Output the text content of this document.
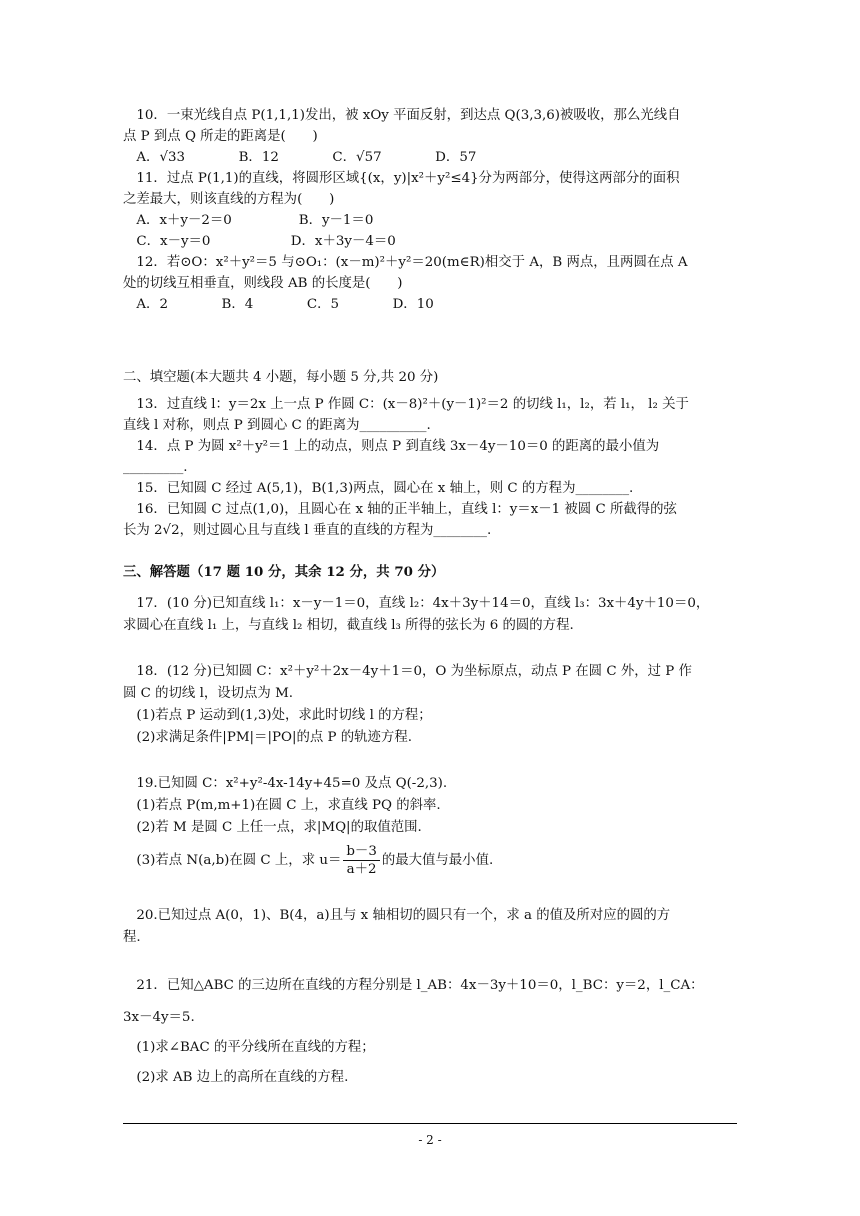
　10．一束光线自点 P(1,1,1)发出，被 xOy 平面反射，到达点 Q(3,3,6)被吸收，那么光线自
点 P 到点 Q 所走的距离是(　　)
　A．√33　　　　B．12　　　　C．√57　　　　D．57
　11．过点 P(1,1)的直线，将圆形区域{(x，y)|x²＋y²≤4}分为两部分，使得这两部分的面积
之差最大，则该直线的方程为(　　)
　A．x＋y－2＝0　　　　　B．y－1＝0
　C．x－y＝0　　　　　　D．x＋3y－4＝0
　12．若⊙O：x²＋y²＝5 与⊙O₁：(x－m)²＋y²＝20(m∈R)相交于 A，B 两点，且两圆在点 A
处的切线互相垂直，则线段 AB 的长度是(　　)
　A．2　　　　B．4　　　　C．5　　　　D．10
二、填空题(本大题共 4 小题，每小题 5 分,共 20 分)
　13．过直线 l：y＝2x 上一点 P 作圆 C：(x－8)²＋(y－1)²＝2 的切线 l₁，l₂，若 l₁， l₂ 关于
直线 l 对称，则点 P 到圆心 C 的距离为__________.
　14．点 P 为圆 x²＋y²＝1 上的动点，则点 P 到直线 3x－4y－10＝0 的距离的最小值为
_________.
　15．已知圆 C 经过 A(5,1)，B(1,3)两点，圆心在 x 轴上，则 C 的方程为________.
　16．已知圆 C 过点(1,0)，且圆心在 x 轴的正半轴上，直线 l：y＝x－1 被圆 C 所截得的弦
长为 2√2，则过圆心且与直线 l 垂直的直线的方程为________.
三、解答题（17 题 10 分，其余 12 分，共 70 分）
　17．(10 分)已知直线 l₁：x－y－1＝0，直线 l₂：4x＋3y＋14＝0，直线 l₃：3x＋4y＋10＝0，
求圆心在直线 l₁ 上，与直线 l₂ 相切，截直线 l₃ 所得的弦长为 6 的圆的方程.
　18．(12 分)已知圆 C：x²＋y²＋2x－4y＋1＝0，O 为坐标原点，动点 P 在圆 C 外，过 P 作
圆 C 的切线 l，设切点为 M.
　(1)若点 P 运动到(1,3)处，求此时切线 l 的方程；
　(2)求满足条件|PM|＝|PO|的点 P 的轨迹方程.
　19.已知圆 C：x²+y²-4x-14y+45=0 及点 Q(-2,3).
　(1)若点 P(m,m+1)在圆 C 上，求直线 PQ 的斜率.
　(2)若 M 是圆 C 上任一点，求|MQ|的取值范围.
　(3)若点 N(a,b)在圆 C 上，求 $u= \frac{b-3}{a+2}$ 的最大值与最小值.
　20.已知过点 A(0，1)、B(4，a)且与 x 轴相切的圆只有一个，求 a 的值及所对应的圆的方
程.
　21．已知△ABC 的三边所在直线的方程分别是 l_AB：4x－3y＋10＝0，l_BC：y＝2，l_CA：
3x－4y＝5.
　(1)求∠BAC 的平分线所在直线的方程；
　(2)求 AB 边上的高所在直线的方程.
- 2 -
